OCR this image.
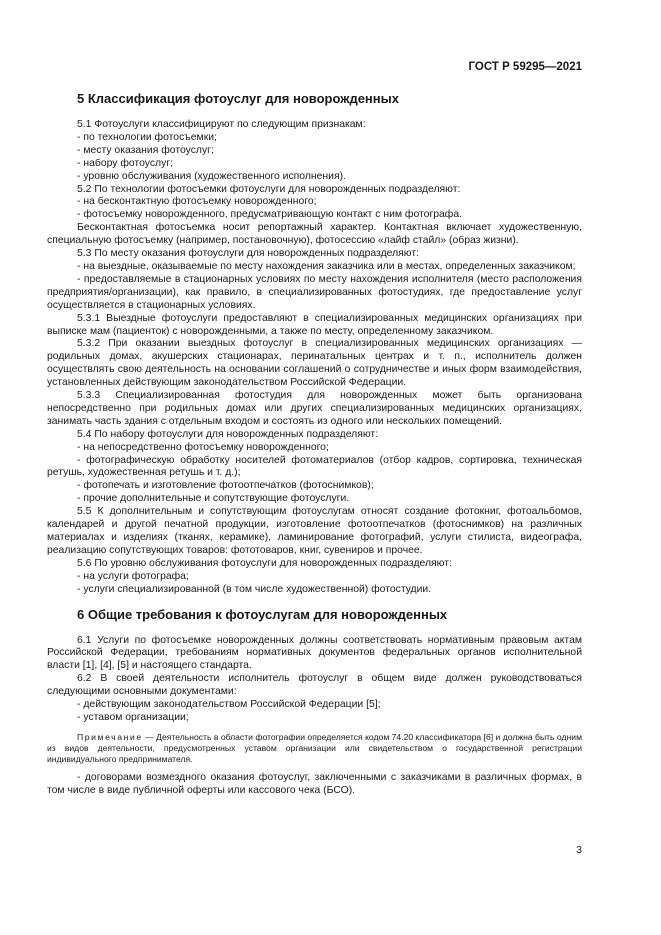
ГОСТ Р 59295—2021
5 Классификация фотоуслуг для новорожденных

5.1 Фотоуслуги классифицируют по следующим признакам:

- по технологии фотосъемки;

- месту оказания фотоуслуг;

- набору фотоуслуг;

- уровню обслуживания (художественного исполнения).

5.2 По технологии фотосъемки фотоуслуги для новорожденных подразделяют:

- на бесконтактную фотосъемку новорожденного;

- фотосъемку новорожденного, предусматривающую контакт с ним фотографа.

Бесконтактная фотосъемка носит репортажный характер. Контактная включает художественную, специальную фотосъемку (например, постановочную), фотосессию «лайф стайл» (образ жизни).

5.3 По месту оказания фотоуслуги для новорожденных подразделяют:

- на выездные, оказываемые по месту нахождения заказчика или в местах, определенных заказчиком;

- предоставляемые в стационарных условиях по месту нахождения исполнителя (место расположения предприятия/организации), как правило, в специализированных фотостудиях, где предоставление услуг осуществляется в стационарных условиях.

5.3.1 Выездные фотоуслуги предоставляют в специализированных медицинских организациях при выписке мам (пациенток) с новорожденными, а также по месту, определенному заказчиком.

5.3.2 При оказании выездных фотоуслуг в специализированных медицинских организациях — родильных домах, акушерских стационарах, перинатальных центрах и т. п., исполнитель должен осуществлять свою деятельность на основании соглашений о сотрудничестве и иных форм взаимодействия, установленных действующим законодательством Российской Федерации.

5.3.3 Специализированная фотостудия для новорожденных может быть организована непосредственно при родильных домах или других специализированных медицинских организациях, занимать часть здания с отдельным входом и состоять из одного или нескольких помещений.

5.4 По набору фотоуслуги для новорожденных подразделяют:

- на непосредственно фотосъемку новорожденного;

- фотографическую обработку носителей фотоматериалов (отбор кадров, сортировка, техническая ретушь, художественная ретушь и т. д.);

- фотопечать и изготовление фотоотпечатков (фотоснимков);

- прочие дополнительные и сопутствующие фотоуслуги.

5.5 К дополнительным и сопутствующим фотоуслугам относят создание фотокниг, фотоальбомов, календарей и другой печатной продукции, изготовление фотоотпечатков (фотоснимков) на различных материалах и изделиях (тканях, керамике), ламинирование фотографий, услуги стилиста, видеографа, реализацию сопутствующих товаров: фототоваров, книг, сувениров и прочее.

5.6 По уровню обслуживания фотоуслуги для новорожденных подразделяют:

- на услуги фотографа;

- услуги специализированной (в том числе художественной) фотостудии.

6 Общие требования к фотоуслугам для новорожденных

6.1 Услуги по фотосъемке новорожденных должны соответствовать нормативным правовым актам Российской Федерации, требованиям нормативных документов федеральных органов исполнительной власти [1], [4], [5] и настоящего стандарта.

6.2 В своей деятельности исполнитель фотоуслуг в общем виде должен руководствоваться следующими основными документами:

- действующим законодательством Российской Федерации [5];

- уставом организации;

Примечание — Деятельность в области фотографии определяется кодом 74.20 классификатора [6] и должна быть одним из видов деятельности, предусмотренных уставом организации или свидетельством о государственной регистрации индивидуального предпринимателя.

- договорами возмездного оказания фотоуслуг, заключенными с заказчиками в различных формах, в том числе в виде публичной оферты или кассового чека (БСО).

3
